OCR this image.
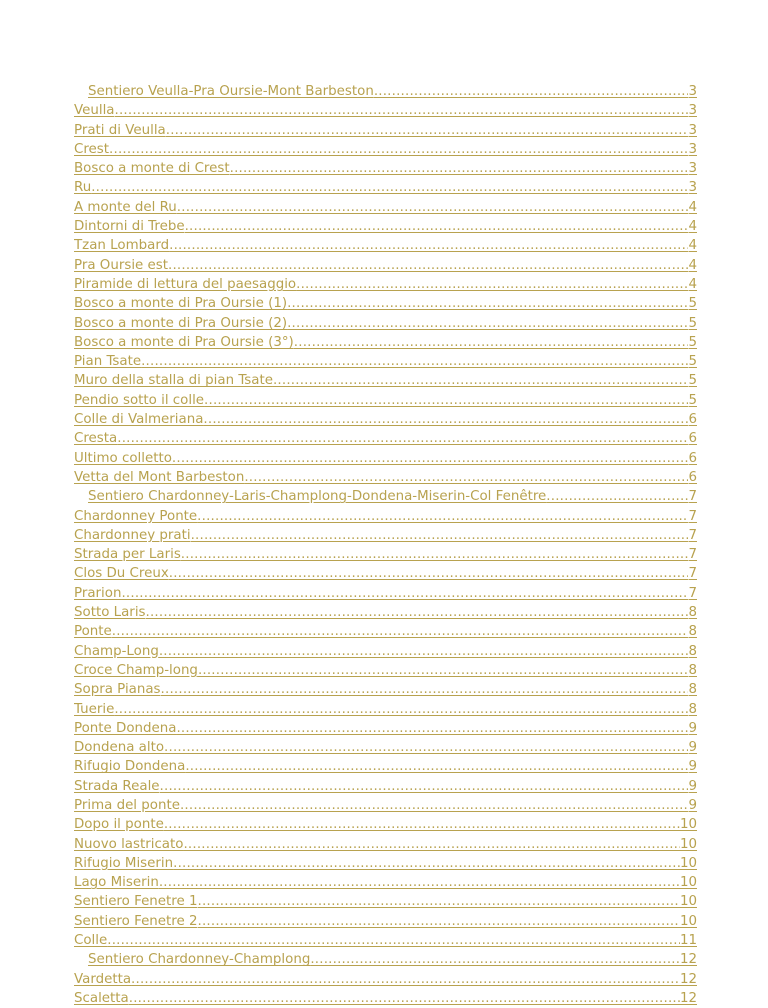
Sentiero Veulla-Pra Oursie-Mont Barbeston .....	3
Veulla .....	3
Prati di Veulla .....	3
Crest .....	3
Bosco a monte di Crest .....	3
Ru .....	3
A monte del Ru .....	4
Dintorni di Trebe .....	4
Tzan Lombard .....	4
Pra Oursie est .....	4
Piramide di lettura del paesaggio .....	4
Bosco a monte di Pra Oursie (1) .....	5
Bosco a monte di Pra Oursie (2) .....	5
Bosco a monte di Pra Oursie (3°) .....	5
Pian Tsate .....	5
Muro della stalla di pian Tsate .....	5
Pendio sotto il colle .....	5
Colle di Valmeriana .....	6
Cresta .....	6
Ultimo colletto .....	6
Vetta del Mont Barbeston .....	6
Sentiero Chardonney-Laris-Champlong-Dondena-Miserin-Col Fenêtre .....	7
Chardonney Ponte .....	7
Chardonney prati .....	7
Strada per Laris .....	7
Clos Du Creux .....	7
Prarion .....	7
Sotto Laris .....	8
Ponte .....	8
Champ-Long .....	8
Croce Champ-long .....	8
Sopra Pianas .....	8
Tuerie .....	8
Ponte Dondena .....	9
Dondena alto .....	9
Rifugio Dondena .....	9
Strada Reale .....	9
Prima del ponte .....	9
Dopo il ponte .....	10
Nuovo lastricato .....	10
Rifugio Miserin .....	10
Lago Miserin .....	10
Sentiero Fenetre 1 .....	10
Sentiero Fenetre 2 .....	10
Colle .....	11
Sentiero Chardonney-Champlong .....	12
Vardetta .....	12
Scaletta .....	12
